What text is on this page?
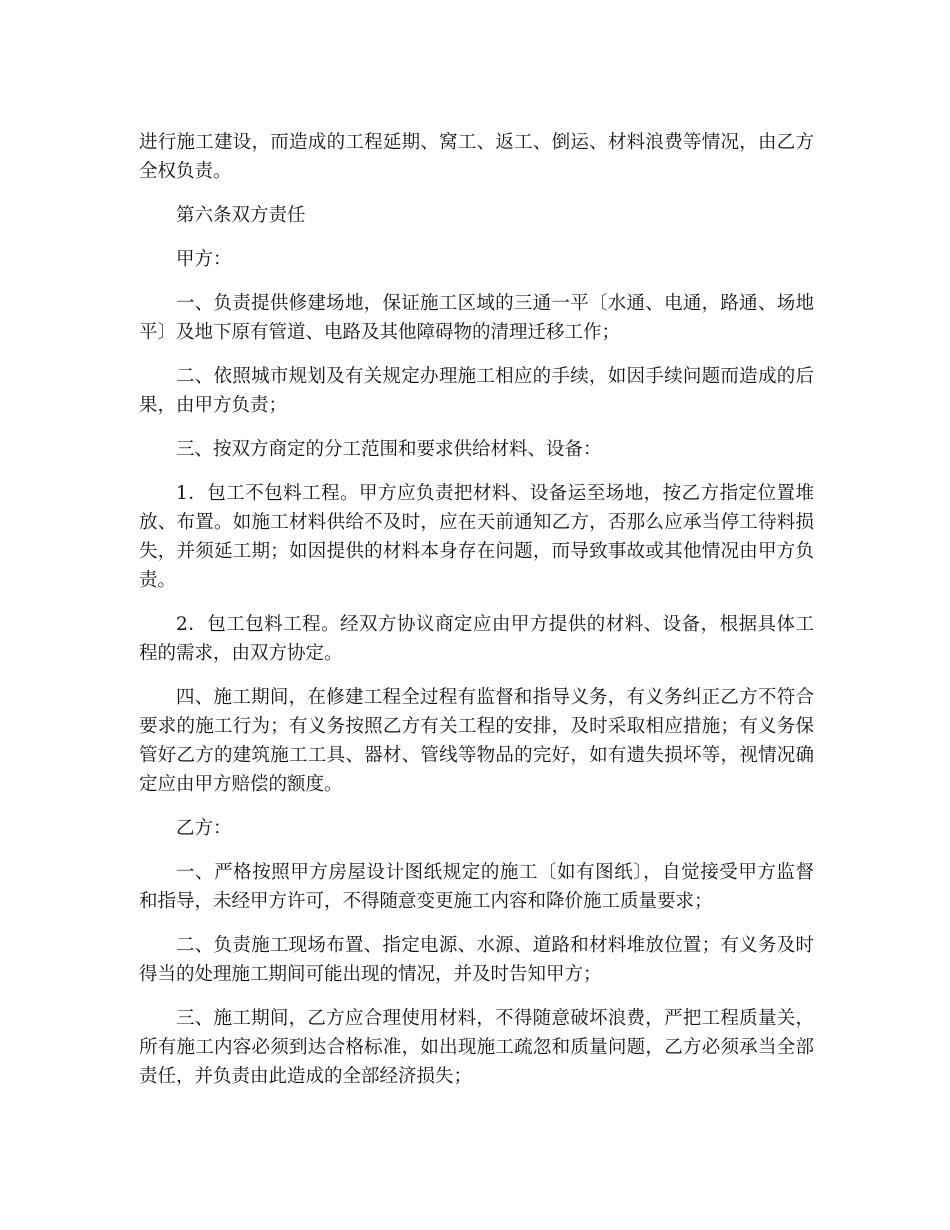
进行施工建设，而造成的工程延期、窝工、返工、倒运、材料浪费等情况，由乙方全权负责。

第六条双方责任

甲方：

一、负责提供修建场地，保证施工区域的三通一平〔水通、电通，路通、场地平〕及地下原有管道、电路及其他障碍物的清理迁移工作；

二、依照城市规划及有关规定办理施工相应的手续，如因手续问题而造成的后果，由甲方负责；

三、按双方商定的分工范围和要求供给材料、设备：

1．包工不包料工程。甲方应负责把材料、设备运至场地，按乙方指定位置堆放、布置。如施工材料供给不及时，应在天前通知乙方，否那么应承当停工待料损失，并须延工期；如因提供的材料本身存在问题，而导致事故或其他情况由甲方负责。

2．包工包料工程。经双方协议商定应由甲方提供的材料、设备，根据具体工程的需求，由双方协定。

四、施工期间，在修建工程全过程有监督和指导义务，有义务纠正乙方不符合要求的施工行为；有义务按照乙方有关工程的安排，及时采取相应措施；有义务保管好乙方的建筑施工工具、器材、管线等物品的完好，如有遗失损坏等，视情况确定应由甲方赔偿的额度。

乙方：

一、严格按照甲方房屋设计图纸规定的施工〔如有图纸〕，自觉接受甲方监督和指导，未经甲方许可，不得随意变更施工内容和降价施工质量要求；

二、负责施工现场布置、指定电源、水源、道路和材料堆放位置；有义务及时得当的处理施工期间可能出现的情况，并及时告知甲方；

三、施工期间，乙方应合理使用材料，不得随意破坏浪费，严把工程质量关，所有施工内容必须到达合格标准，如出现施工疏忽和质量问题，乙方必须承当全部责任，并负责由此造成的全部经济损失；
